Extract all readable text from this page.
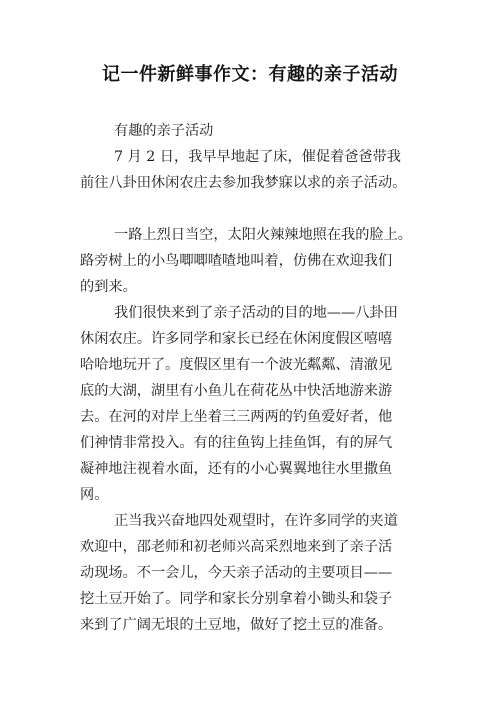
记一件新鲜事作文：有趣的亲子活动
有趣的亲子活动
7 月 2 日，我早早地起了床，催促着爸爸带我
前往八卦田休闲农庄去参加我梦寐以求的亲子活动。
一路上烈日当空，太阳火辣辣地照在我的脸上。
路旁树上的小鸟唧唧喳喳地叫着，仿佛在欢迎我们
的到来。
我们很快来到了亲子活动的目的地——八卦田
休闲农庄。许多同学和家长已经在休闲度假区嘻嘻
哈哈地玩开了。度假区里有一个波光粼粼、清澈见
底的大湖，湖里有小鱼儿在荷花丛中快活地游来游
去。在河的对岸上坐着三三两两的钓鱼爱好者，他
们神情非常投入。有的往鱼钩上挂鱼饵，有的屏气
凝神地注视着水面，还有的小心翼翼地往水里撒鱼
网。
正当我兴奋地四处观望时，在许多同学的夹道
欢迎中，邵老师和初老师兴高采烈地来到了亲子活
动现场。不一会儿，今天亲子活动的主要项目——
挖土豆开始了。同学和家长分别拿着小锄头和袋子
来到了广阔无垠的土豆地，做好了挖土豆的准备。
